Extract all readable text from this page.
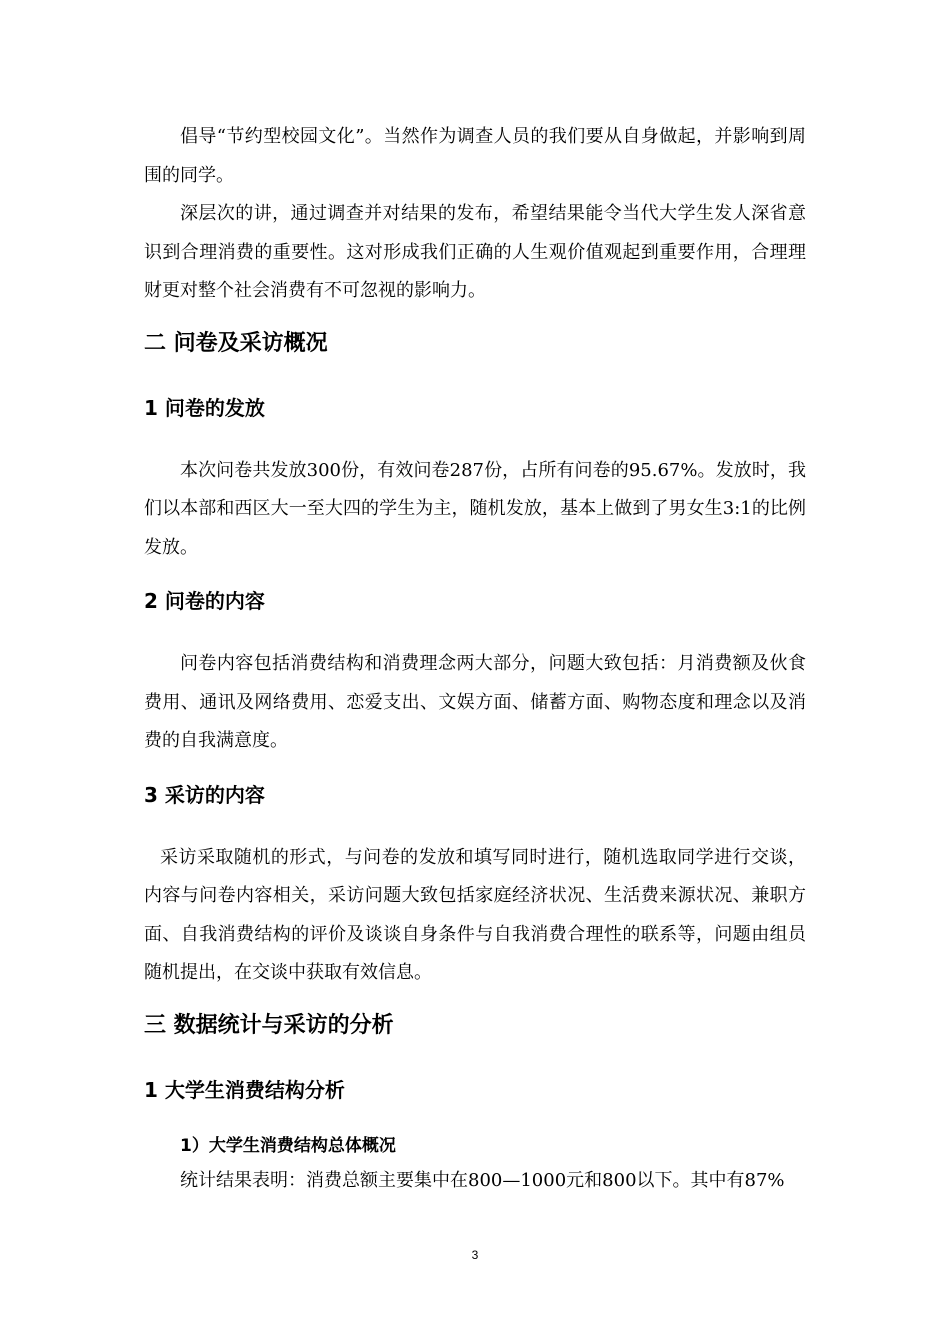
倡导“节约型校园文化”。当然作为调查人员的我们要从自身做起，并影响到周围的同学。

深层次的讲，通过调查并对结果的发布，希望结果能令当代大学生发人深省意识到合理消费的重要性。这对形成我们正确的人生观价值观起到重要作用，合理理财更对整个社会消费有不可忽视的影响力。

二 问卷及采访概况
1 问卷的发放

本次问卷共发放300份，有效问卷287份，占所有问卷的95.67%。发放时，我们以本部和西区大一至大四的学生为主，随机发放，基本上做到了男女生3:1的比例发放。

2 问卷的内容

问卷内容包括消费结构和消费理念两大部分，问题大致包括：月消费额及伙食费用、通讯及网络费用、恋爱支出、文娱方面、储蓄方面、购物态度和理念以及消费的自我满意度。

3 采访的内容

采访采取随机的形式，与问卷的发放和填写同时进行，随机选取同学进行交谈，内容与问卷内容相关，采访问题大致包括家庭经济状况、生活费来源状况、兼职方面、自我消费结构的评价及谈谈自身条件与自我消费合理性的联系等，问题由组员随机提出，在交谈中获取有效信息。

三 数据统计与采访的分析
1 大学生消费结构分析
1）大学生消费结构总体概况

统计结果表明：消费总额主要集中在800—1000元和800以下。其中有87%

3
